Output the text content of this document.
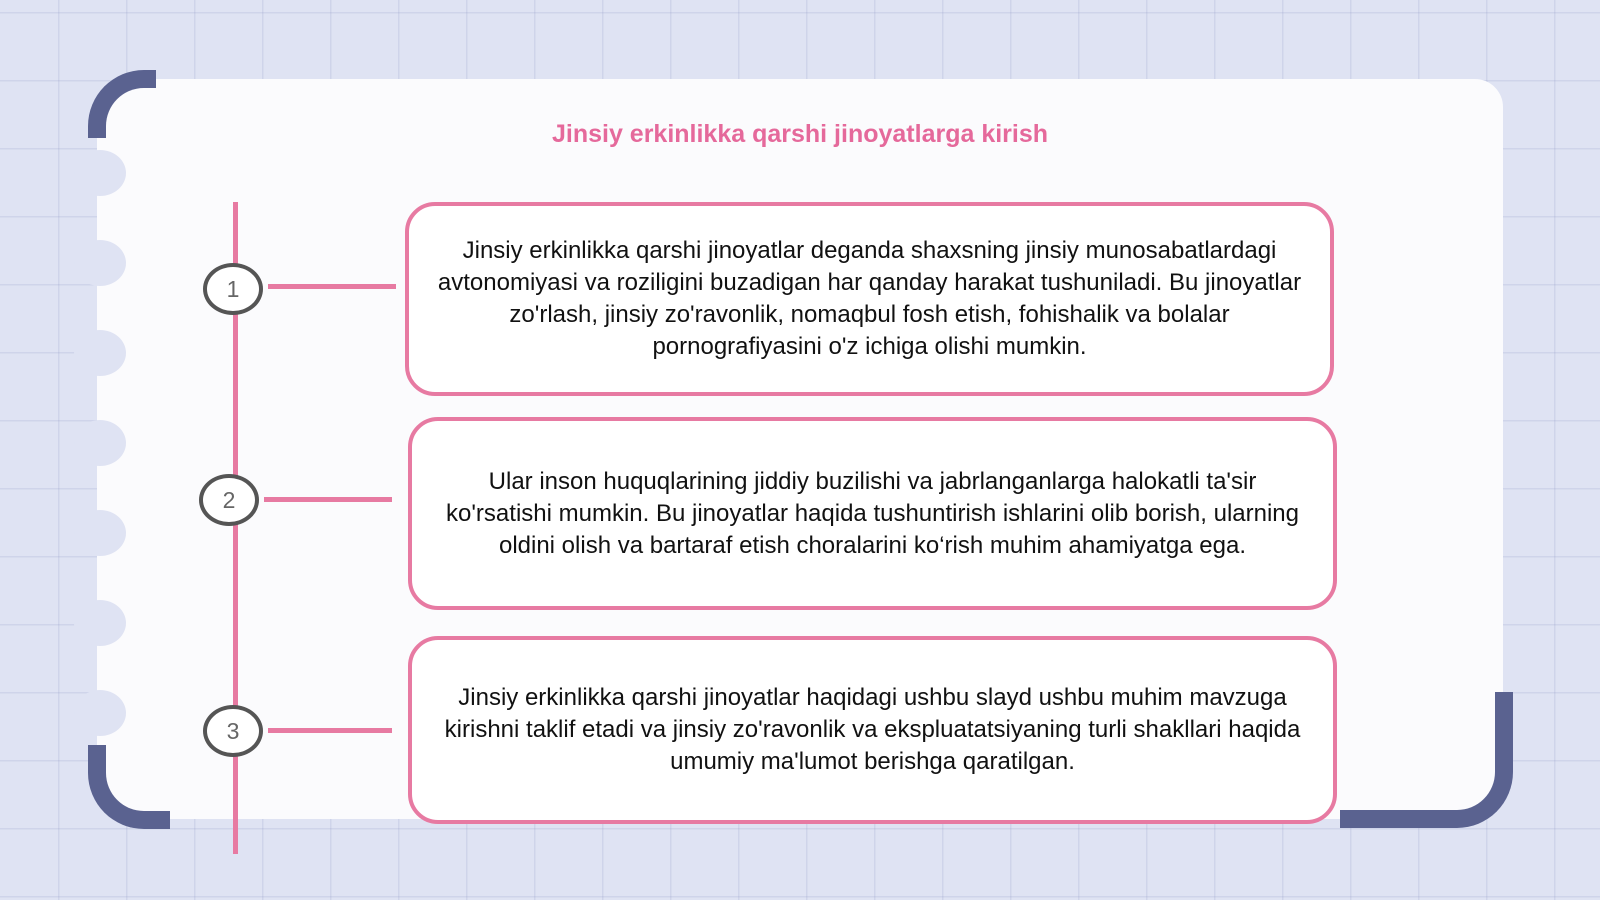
Jinsiy erkinlikka qarshi jinoyatlarga kirish
1

Jinsiy erkinlikka qarshi jinoyatlar deganda shaxsning jinsiy munosabatlardagi avtonomiyasi va roziligini buzadigan har qanday harakat tushuniladi. Bu jinoyatlar zo'rlash, jinsiy zo'ravonlik, nomaqbul fosh etish, fohishalik va bolalar pornografiyasini o'z ichiga olishi mumkin.

2

Ular inson huquqlarining jiddiy buzilishi va jabrlanganlarga halokatli ta'sir ko'rsatishi mumkin. Bu jinoyatlar haqida tushuntirish ishlarini olib borish, ularning oldini olish va bartaraf etish choralarini ko‘rish muhim ahamiyatga ega.

3

Jinsiy erkinlikka qarshi jinoyatlar haqidagi ushbu slayd ushbu muhim mavzuga kirishni taklif etadi va jinsiy zo'ravonlik va ekspluatatsiyaning turli shakllari haqida umumiy ma'lumot berishga qaratilgan.
